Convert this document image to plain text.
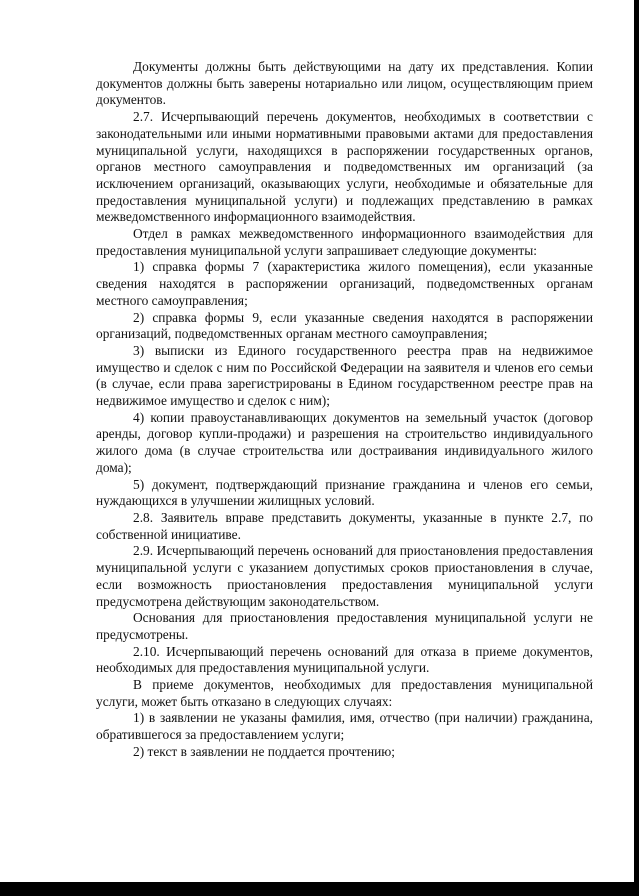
Документы должны быть действующими на дату их представления. Копии документов должны быть заверены нотариально или лицом, осуществляющим прием документов.

2.7. Исчерпывающий перечень документов, необходимых в соответствии с законодательными или иными нормативными правовыми актами для предоставления муниципальной услуги, находящихся в распоряжении государственных органов, органов местного самоуправления и подведомственных им организаций (за исключением организаций, оказывающих услуги, необходимые и обязательные для предоставления муниципальной услуги) и подлежащих представлению в рамках межведомственного информационного взаимодействия.

Отдел в рамках межведомственного информационного взаимодействия для предоставления муниципальной услуги запрашивает следующие документы:

1) справка формы 7 (характеристика жилого помещения), если указанные сведения находятся в распоряжении организаций, подведомственных органам местного самоуправления;

2) справка формы 9, если указанные сведения находятся в распоряжении организаций, подведомственных органам местного самоуправления;

3) выписки из Единого государственного реестра прав на недвижимое имущество и сделок с ним по Российской Федерации на заявителя и членов его семьи (в случае, если права зарегистрированы в Едином государственном реестре прав на недвижимое имущество и сделок с ним);

4) копии правоустанавливающих документов на земельный участок (договор аренды, договор купли-продажи) и разрешения на строительство индивидуального жилого дома (в случае строительства или достраивания индивидуального жилого дома);

5) документ, подтверждающий признание гражданина и членов его семьи, нуждающихся в улучшении жилищных условий.

2.8. Заявитель вправе представить документы, указанные в пункте 2.7, по собственной инициативе.

2.9. Исчерпывающий перечень оснований для приостановления предоставления муниципальной услуги с указанием допустимых сроков приостановления в случае, если возможность приостановления предоставления муниципальной услуги предусмотрена действующим законодательством.

Основания для приостановления предоставления муниципальной услуги не предусмотрены.

2.10. Исчерпывающий перечень оснований для отказа в приеме документов, необходимых для предоставления муниципальной услуги.

В приеме документов, необходимых для предоставления муниципальной услуги, может быть отказано в следующих случаях:

1) в заявлении не указаны фамилия, имя, отчество (при наличии) гражданина, обратившегося за предоставлением услуги;

2) текст в заявлении не поддается прочтению;
